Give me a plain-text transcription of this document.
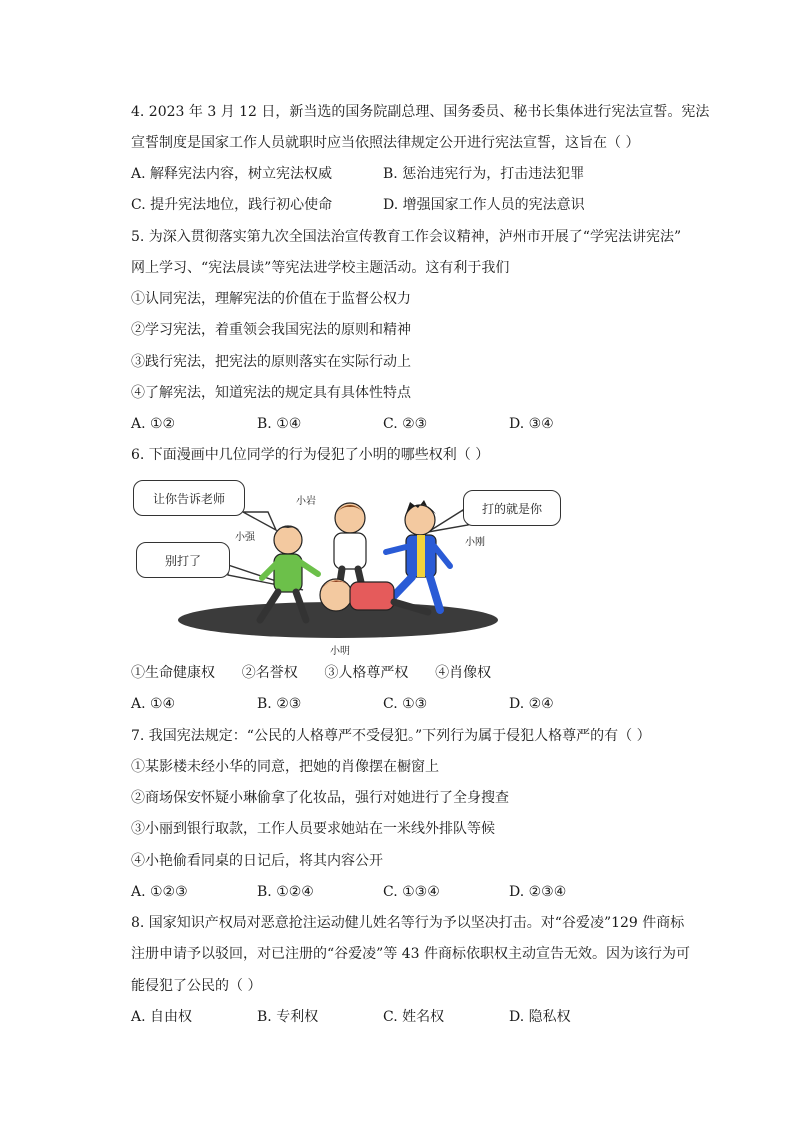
4. 2023 年 3 月 12 日，新当选的国务院副总理、国务委员、秘书长集体进行宪法宣誓。宪法
宣誓制度是国家工作人员就职时应当依照法律规定公开进行宪法宣誓，这旨在（ ）
A. 解释宪法内容，树立宪法权威	B. 惩治违宪行为，打击违法犯罪
C. 提升宪法地位，践行初心使命	D. 增强国家工作人员的宪法意识
5. 为深入贯彻落实第九次全国法治宣传教育工作会议精神，泸州市开展了“学宪法讲宪法”
网上学习、“宪法晨读”等宪法进学校主题活动。这有利于我们
①认同宪法，理解宪法的价值在于监督公权力
②学习宪法，着重领会我国宪法的原则和精神
③践行宪法，把宪法的原则落实在实际行动上
④了解宪法，知道宪法的规定具有具体性特点
A. ①②	B. ①④	C. ②③	D. ③④
6. 下面漫画中几位同学的行为侵犯了小明的哪些权利（ ）
让你告诉老师
打的就是你
别打了
小岩
小强	小刚
小明
①生命健康权      ②名誉权      ③人格尊严权      ④肖像权
A. ①④	B. ②③	C. ①③	D. ②④
7. 我国宪法规定：“公民的人格尊严不受侵犯。”下列行为属于侵犯人格尊严的有（ ）
①某影楼未经小华的同意，把她的肖像摆在橱窗上
②商场保安怀疑小琳偷拿了化妆品，强行对她进行了全身搜查
③小丽到银行取款，工作人员要求她站在一米线外排队等候
④小艳偷看同桌的日记后，将其内容公开
A. ①②③	B. ①②④	C. ①③④	D. ②③④
8. 国家知识产权局对恶意抢注运动健儿姓名等行为予以坚决打击。对“谷爱凌”129 件商标
注册申请予以驳回，对已注册的“谷爱凌”等 43 件商标依职权主动宣告无效。因为该行为可
能侵犯了公民的（ ）
A. 自由权	B. 专利权	C. 姓名权	D. 隐私权
